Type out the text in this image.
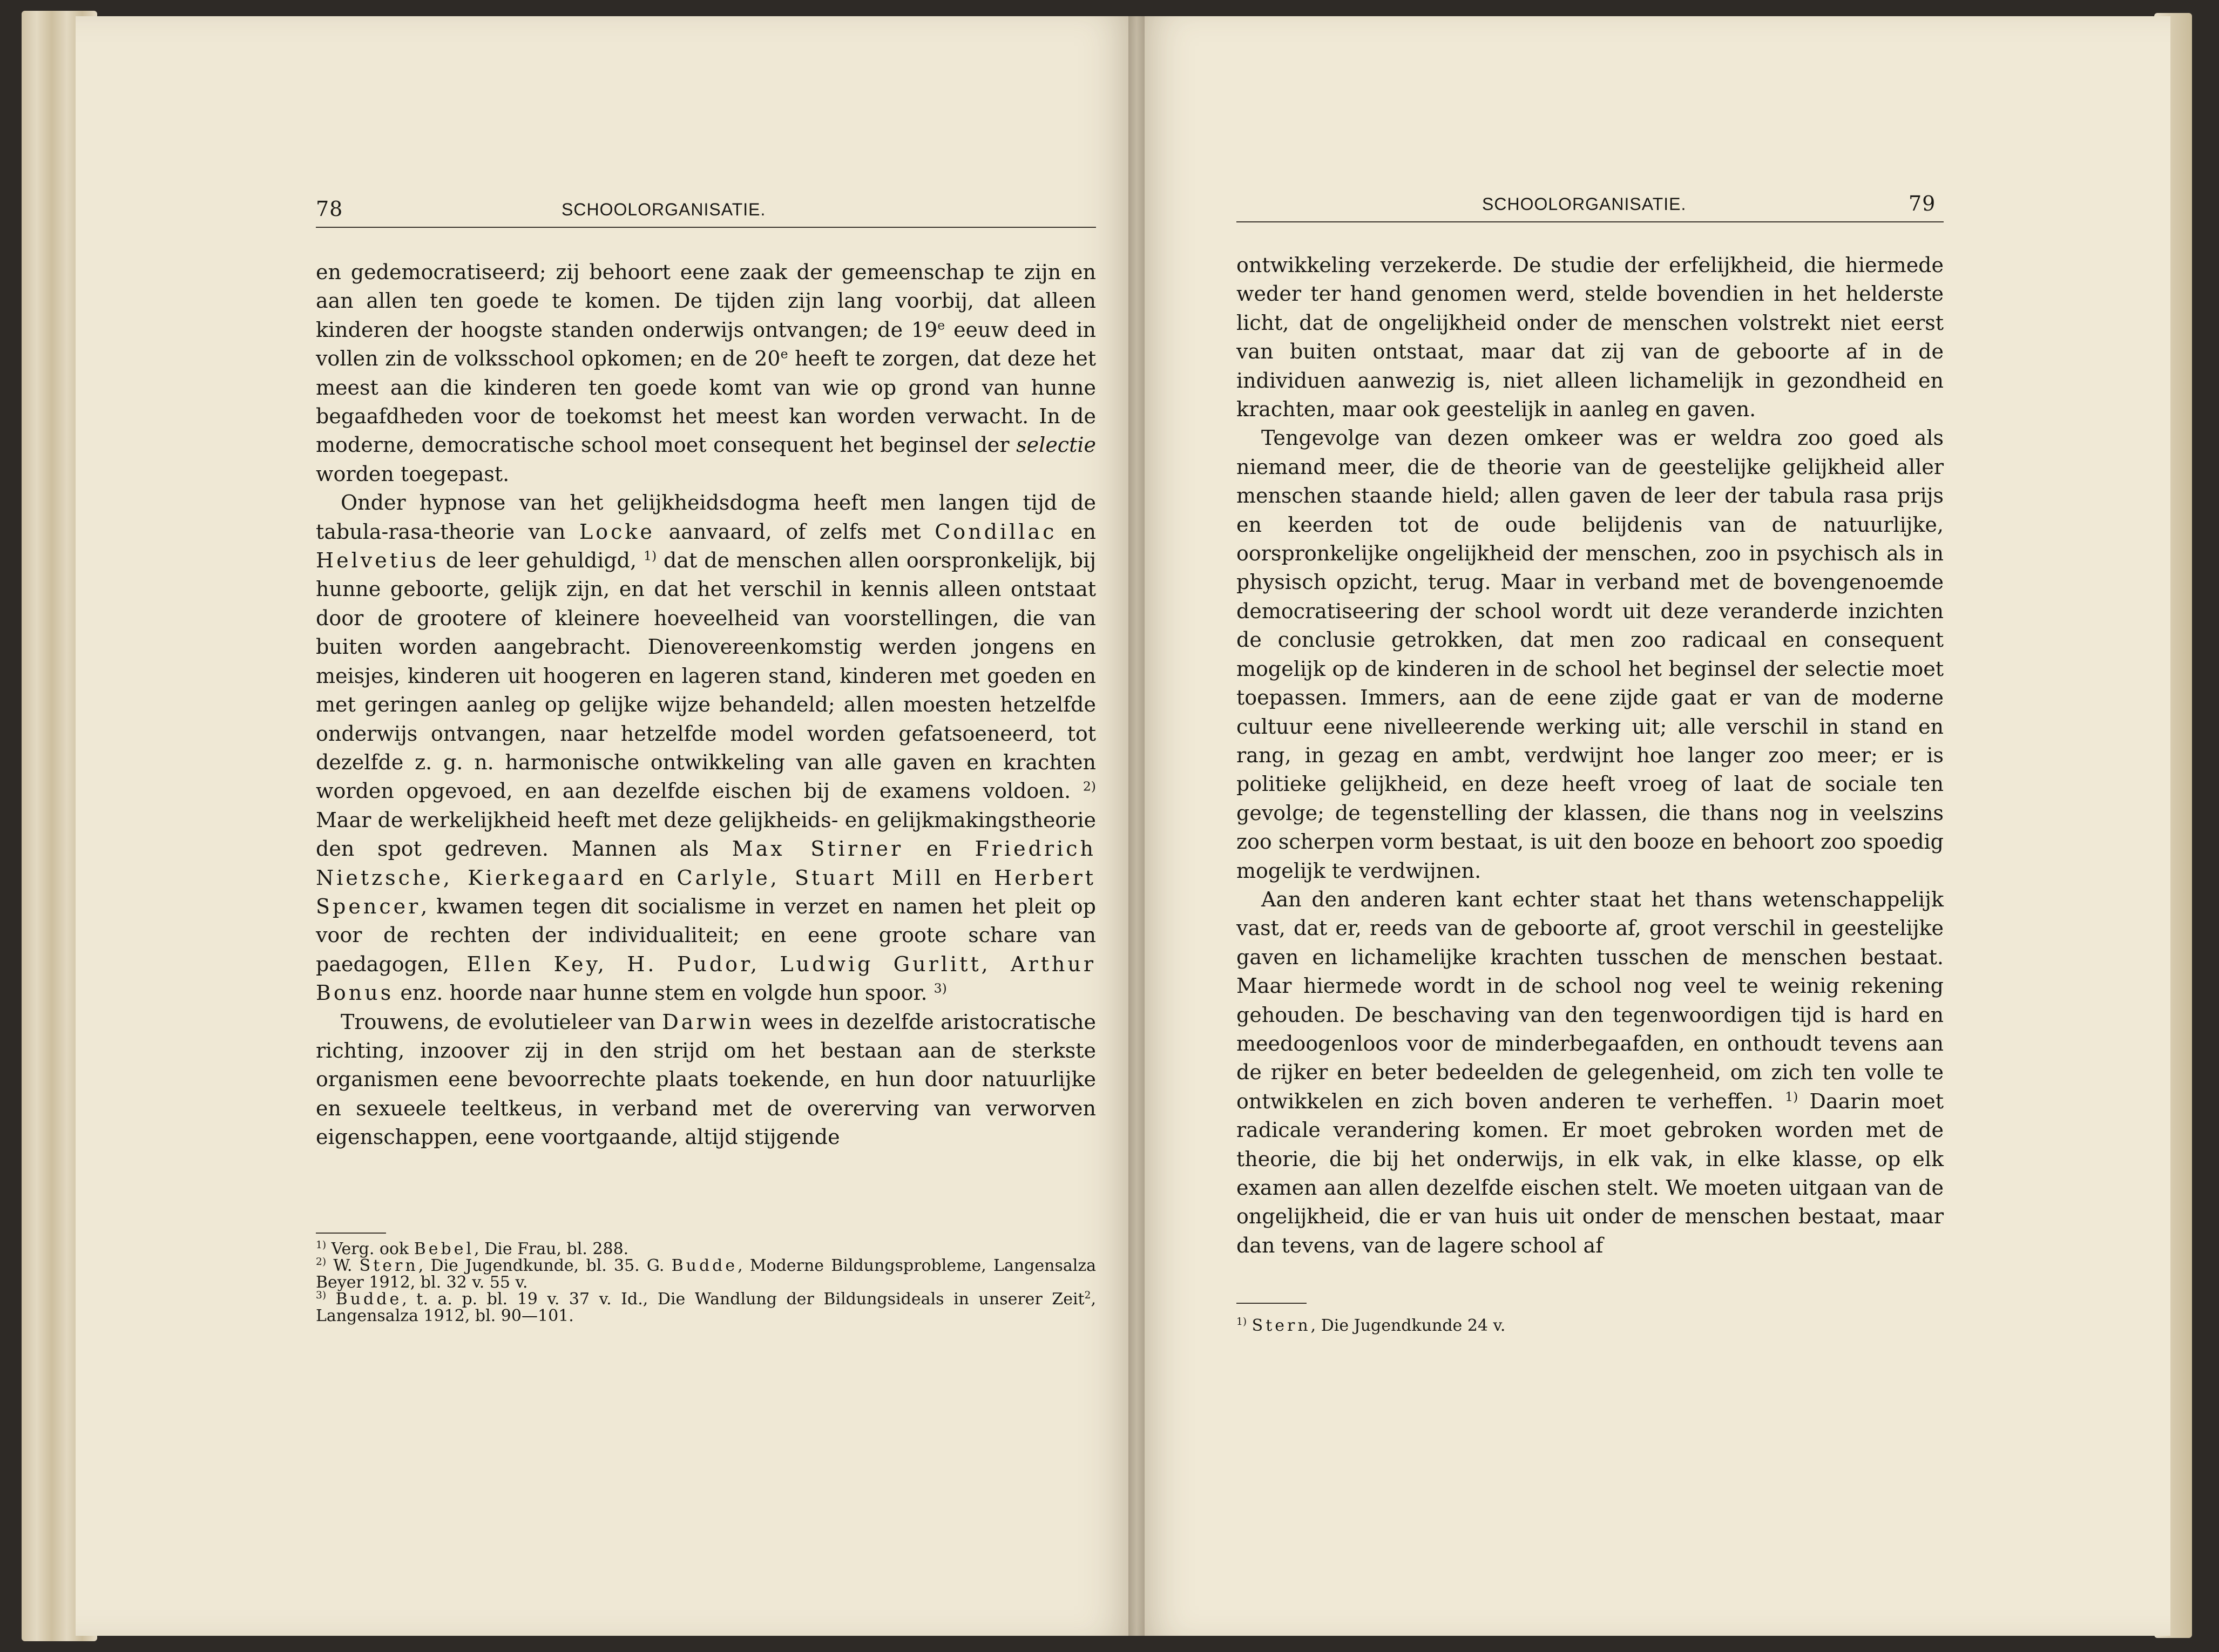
78	SCHOOLORGANISATIE.

en gedemocratiseerd; zij behoort eene zaak der gemeenschap te zijn en aan allen ten goede te komen. De tijden zijn lang voorbij, dat alleen kinderen der hoogste standen onderwijs ontvangen; de 19e eeuw deed in vollen zin de volksschool opkomen; en de 20e heeft te zorgen, dat deze het meest aan die kinderen ten goede komt van wie op grond van hunne begaafdheden voor de toekomst het meest kan worden verwacht. In de moderne, democratische school moet consequent het beginsel der selectie worden toegepast.

Onder hypnose van het gelijkheidsdogma heeft men langen tijd de tabula-rasa-theorie van Locke aanvaard, of zelfs met Condillac en Helvetius de leer gehuldigd, $^{1)}$ dat de menschen allen oorspronkelijk, bij hunne geboorte, gelijk zijn, en dat het verschil in kennis alleen ontstaat door de grootere of kleinere hoeveelheid van voorstellingen, die van buiten worden aangebracht. Dienovereenkomstig werden jongens en meisjes, kinderen uit hoogeren en lageren stand, kinderen met goeden en met geringen aanleg op gelijke wijze behandeld; allen moesten hetzelfde onderwijs ontvangen, naar hetzelfde model worden gefatsoeneerd, tot dezelfde z. g. n. harmonische ontwikkeling van alle gaven en krachten worden opgevoed, en aan dezelfde eischen bij de examens voldoen. $^{2)}$ Maar de werkelijkheid heeft met deze gelijkheids- en gelijkmakingstheorie den spot gedreven. Mannen als Max Stirner en Friedrich Nietzsche, Kierkegaard en Carlyle, Stuart Mill en Herbert Spencer, kwamen tegen dit socialisme in verzet en namen het pleit op voor de rechten der individualiteit; en eene groote schare van paedagogen, Ellen Key, H. Pudor, Ludwig Gurlitt, Arthur Bonus enz. hoorde naar hunne stem en volgde hun spoor. $^{3)}$

Trouwens, de evolutieleer van Darwin wees in dezelfde aristocratische richting, inzoover zij in den strijd om het bestaan aan de sterkste organismen eene bevoorrechte plaats toekende, en hun door natuurlijke en sexueele teeltkeus, in verband met de overerving van verworven eigenschappen, eene voortgaande, altijd stijgende

$^{1)}$ Verg. ook Bebel, Die Frau, bl. 288.

$^{2)}$ W. Stern, Die Jugendkunde, bl. 35. G. Budde, Moderne Bildungsprobleme, Langensalza Beyer 1912, bl. 32 v. 55 v.

$^{3)}$ Budde, t. a. p. bl. 19 v. 37 v. Id., Die Wandlung der Bildungsideals in unserer Zeit$^2$, Langensalza 1912, bl. 90—101.

SCHOOLORGANISATIE.	79

ontwikkeling verzekerde. De studie der erfelijkheid, die hiermede weder ter hand genomen werd, stelde bovendien in het helderste licht, dat de ongelijkheid onder de menschen volstrekt niet eerst van buiten ontstaat, maar dat zij van de geboorte af in de individuen aanwezig is, niet alleen lichamelijk in gezondheid en krachten, maar ook geestelijk in aanleg en gaven.

Tengevolge van dezen omkeer was er weldra zoo goed als niemand meer, die de theorie van de geestelijke gelijkheid aller menschen staande hield; allen gaven de leer der tabula rasa prijs en keerden tot de oude belijdenis van de natuurlijke, oorspronkelijke ongelijkheid der menschen, zoo in psychisch als in physisch opzicht, terug. Maar in verband met de bovengenoemde democratiseering der school wordt uit deze veranderde inzichten de conclusie getrokken, dat men zoo radicaal en consequent mogelijk op de kinderen in de school het beginsel der selectie moet toepassen. Immers, aan de eene zijde gaat er van de moderne cultuur eene nivelleerende werking uit; alle verschil in stand en rang, in gezag en ambt, verdwijnt hoe langer zoo meer; er is politieke gelijkheid, en deze heeft vroeg of laat de sociale ten gevolge; de tegenstelling der klassen, die thans nog in veelszins zoo scherpen vorm bestaat, is uit den booze en behoort zoo spoedig mogelijk te verdwijnen.

Aan den anderen kant echter staat het thans wetenschappelijk vast, dat er, reeds van de geboorte af, groot verschil in geestelijke gaven en lichamelijke krachten tusschen de menschen bestaat. Maar hiermede wordt in de school nog veel te weinig rekening gehouden. De beschaving van den tegenwoordigen tijd is hard en meedoogenloos voor de minderbegaafden, en onthoudt tevens aan de rijker en beter bedeelden de gelegenheid, om zich ten volle te ontwikkelen en zich boven anderen te verheffen. $^{1)}$ Daarin moet radicale verandering komen. Er moet gebroken worden met de theorie, die bij het onderwijs, in elk vak, in elke klasse, op elk examen aan allen dezelfde eischen stelt. We moeten uitgaan van de ongelijkheid, die er van huis uit onder de menschen bestaat, maar dan tevens, van de lagere school af

$^{1)}$ Stern, Die Jugendkunde 24 v.
